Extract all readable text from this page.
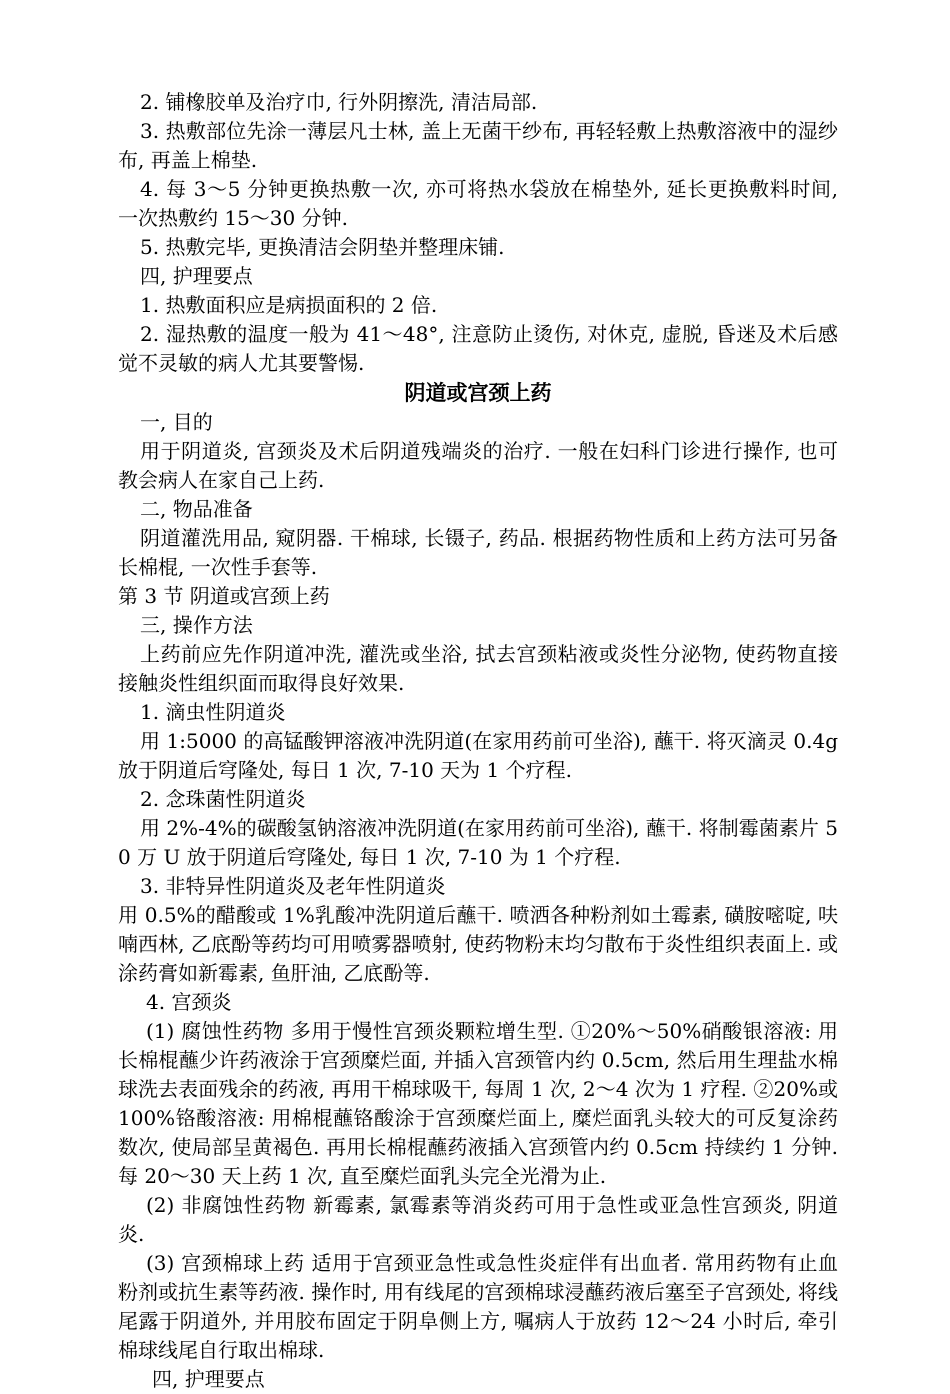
2. 铺橡胶单及治疗巾, 行外阴擦洗, 清洁局部.

3. 热敷部位先涂一薄层凡士林, 盖上无菌干纱布, 再轻轻敷上热敷溶液中的湿纱布, 再盖上棉垫.

4. 每 3～5 分钟更换热敷一次, 亦可将热水袋放在棉垫外, 延长更换敷料时间, 一次热敷约 15～30 分钟.

5. 热敷完毕, 更换清洁会阴垫并整理床铺.

四, 护理要点

1. 热敷面积应是病损面积的 2 倍.

2. 湿热敷的温度一般为 41～48°, 注意防止烫伤, 对休克, 虚脱, 昏迷及术后感觉不灵敏的病人尤其要警惕.

阴道或宫颈上药

一, 目的

用于阴道炎, 宫颈炎及术后阴道残端炎的治疗. 一般在妇科门诊进行操作, 也可教会病人在家自己上药.

二, 物品准备

阴道灌洗用品, 窥阴器. 干棉球, 长镊子, 药品. 根据药物性质和上药方法可另备长棉棍, 一次性手套等.

第 3 节 阴道或宫颈上药

三, 操作方法

上药前应先作阴道冲洗, 灌洗或坐浴, 拭去宫颈粘液或炎性分泌物, 使药物直接接触炎性组织面而取得良好效果.

1. 滴虫性阴道炎

用 1:5000 的高锰酸钾溶液冲洗阴道(在家用药前可坐浴), 蘸干. 将灭滴灵 0.4g 放于阴道后穹隆处, 每日 1 次, 7-10 天为 1 个疗程.

2. 念珠菌性阴道炎

用 2%-4%的碳酸氢钠溶液冲洗阴道(在家用药前可坐浴), 蘸干. 将制霉菌素片 50 万 U 放于阴道后穹隆处, 每日 1 次, 7-10 为 1 个疗程.

3. 非特异性阴道炎及老年性阴道炎

用 0.5%的醋酸或 1%乳酸冲洗阴道后蘸干. 喷洒各种粉剂如土霉素, 磺胺嘧啶, 呋喃西林, 乙底酚等药均可用喷雾器喷射, 使药物粉末均匀散布于炎性组织表面上. 或涂药膏如新霉素, 鱼肝油, 乙底酚等.

4. 宫颈炎

(1) 腐蚀性药物 多用于慢性宫颈炎颗粒增生型. ①20%～50%硝酸银溶液: 用长棉棍蘸少许药液涂于宫颈糜烂面, 并插入宫颈管内约 0.5cm, 然后用生理盐水棉球洗去表面残余的药液, 再用干棉球吸干, 每周 1 次, 2～4 次为 1 疗程. ②20%或 100%铬酸溶液: 用棉棍蘸铬酸涂于宫颈糜烂面上, 糜烂面乳头较大的可反复涂药数次, 使局部呈黄褐色. 再用长棉棍蘸药液插入宫颈管内约 0.5cm 持续约 1 分钟. 每 20～30 天上药 1 次, 直至糜烂面乳头完全光滑为止.

(2) 非腐蚀性药物 新霉素, 氯霉素等消炎药可用于急性或亚急性宫颈炎, 阴道炎.

(3) 宫颈棉球上药 适用于宫颈亚急性或急性炎症伴有出血者. 常用药物有止血粉剂或抗生素等药液. 操作时, 用有线尾的宫颈棉球浸蘸药液后塞至子宫颈处, 将线尾露于阴道外, 并用胶布固定于阴阜侧上方, 嘱病人于放药 12～24 小时后, 牵引棉球线尾自行取出棉球.

四, 护理要点
